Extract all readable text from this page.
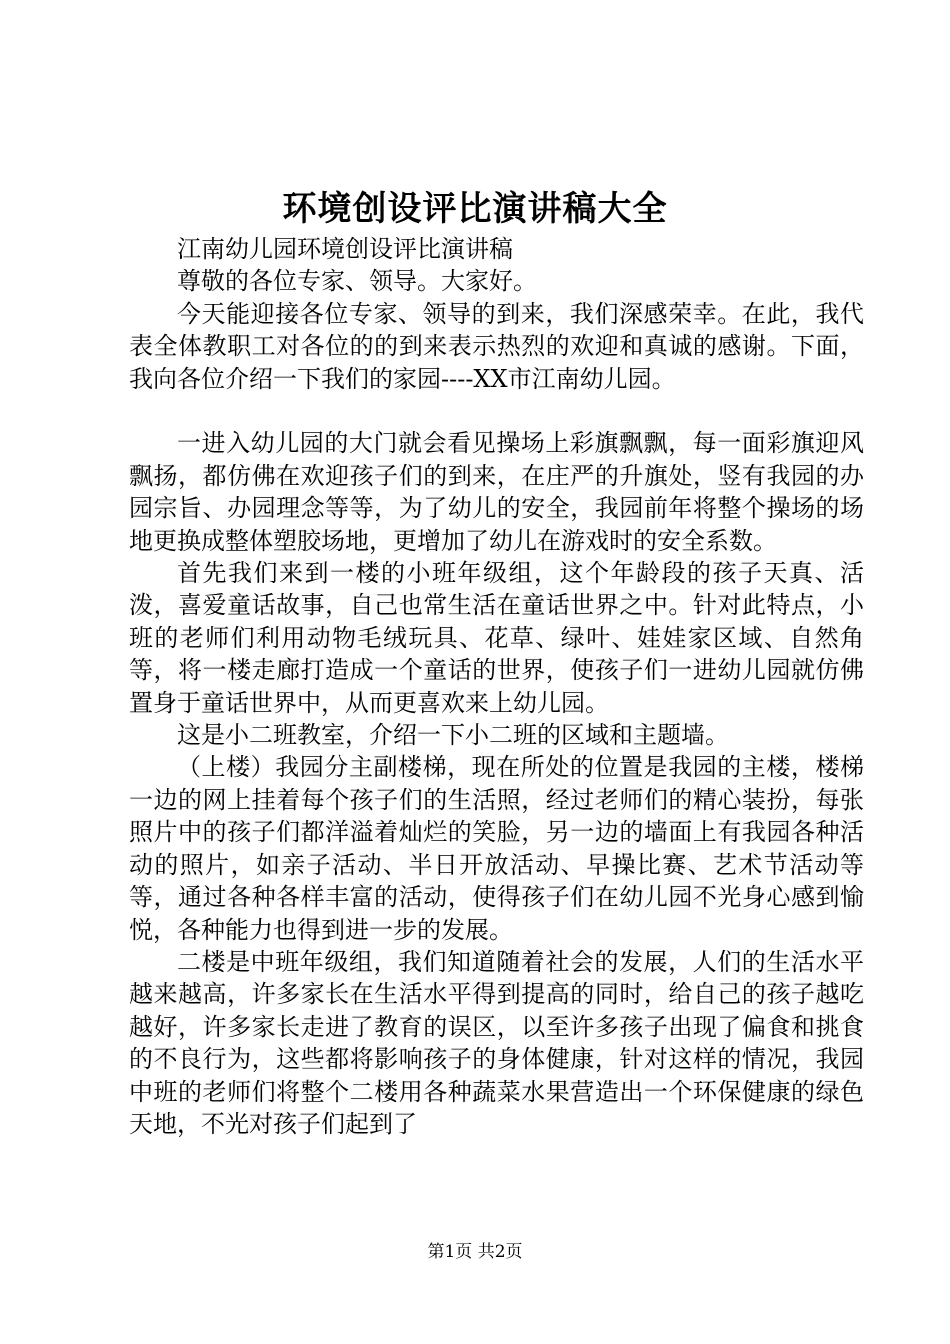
环境创设评比演讲稿大全

江南幼儿园环境创设评比演讲稿

尊敬的各位专家、领导。大家好。

今天能迎接各位专家、领导的到来，我们深感荣幸。在此，我代表全体教职工对各位的的到来表示热烈的欢迎和真诚的感谢。下面，我向各位介绍一下我们的家园----XX市江南幼儿园。

一进入幼儿园的大门就会看见操场上彩旗飘飘，每一面彩旗迎风飘扬，都仿佛在欢迎孩子们的到来，在庄严的升旗处，竖有我园的办园宗旨、办园理念等等，为了幼儿的安全，我园前年将整个操场的场地更换成整体塑胶场地，更增加了幼儿在游戏时的安全系数。

首先我们来到一楼的小班年级组，这个年龄段的孩子天真、活泼，喜爱童话故事，自己也常生活在童话世界之中。针对此特点，小班的老师们利用动物毛绒玩具、花草、绿叶、娃娃家区域、自然角等，将一楼走廊打造成一个童话的世界，使孩子们一进幼儿园就仿佛置身于童话世界中，从而更喜欢来上幼儿园。

这是小二班教室，介绍一下小二班的区域和主题墙。

（上楼）我园分主副楼梯，现在所处的位置是我园的主楼，楼梯一边的网上挂着每个孩子们的生活照，经过老师们的精心装扮，每张照片中的孩子们都洋溢着灿烂的笑脸，另一边的墙面上有我园各种活动的照片，如亲子活动、半日开放活动、早操比赛、艺术节活动等等，通过各种各样丰富的活动，使得孩子们在幼儿园不光身心感到愉悦，各种能力也得到进一步的发展。

二楼是中班年级组，我们知道随着社会的发展，人们的生活水平越来越高，许多家长在生活水平得到提高的同时，给自己的孩子越吃越好，许多家长走进了教育的误区，以至许多孩子出现了偏食和挑食的不良行为，这些都将影响孩子的身体健康，针对这样的情况，我园中班的老师们将整个二楼用各种蔬菜水果营造出一个环保健康的绿色天地，不光对孩子们起到了

第1页 共2页
